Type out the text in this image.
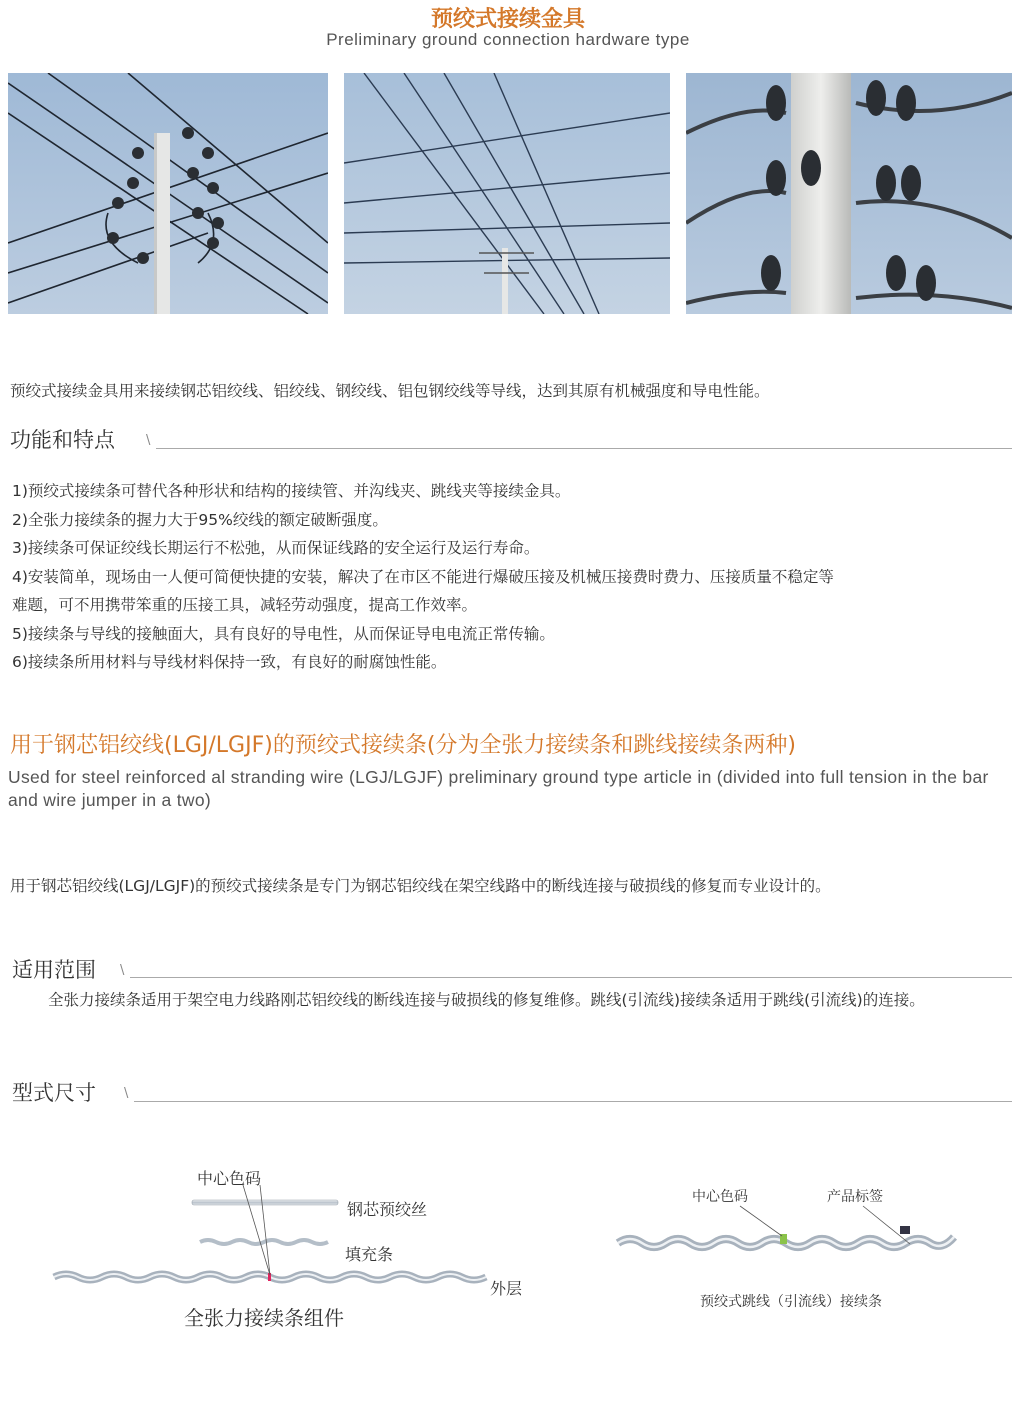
预绞式接续金具
Preliminary ground connection hardware type
预绞式接续金具用来接续钢芯铝绞线、铝绞线、钢绞线、铝包钢绞线等导线，达到其原有机械强度和导电性能。
功能和特点 \
1)预绞式接续条可替代各种形状和结构的接续管、并沟线夹、跳线夹等接续金具。
2)全张力接续条的握力大于95%绞线的额定破断强度。
3)接续条可保证绞线长期运行不松弛，从而保证线路的安全运行及运行寿命。
4)安装简单，现场由一人便可简便快捷的安装，解决了在市区不能进行爆破压接及机械压接费时费力、压接质量不稳定等
难题，可不用携带笨重的压接工具，减轻劳动强度，提高工作效率。
5)接续条与导线的接触面大，具有良好的导电性，从而保证导电电流正常传输。
6)接续条所用材料与导线材料保持一致，有良好的耐腐蚀性能。
用于钢芯铝绞线(LGJ/LGJF)的预绞式接续条(分为全张力接续条和跳线接续条两种)
Used for steel reinforced al stranding wire (LGJ/LGJF) preliminary ground type article in (divided into full tension in the bar and wire jumper in a two)
用于钢芯铝绞线(LGJ/LGJF)的预绞式接续条是专门为钢芯铝绞线在架空线路中的断线连接与破损线的修复而专业设计的。
适用范围 \
全张力接续条适用于架空电力线路刚芯铝绞线的断线连接与破损线的修复维修。跳线(引流线)接续条适用于跳线(引流线)的连接。
型式尺寸 \
中心色码
钢芯预绞丝
填充条
外层
全张力接续条组件
中心色码	产品标签
预绞式跳线（引流线）接续条
